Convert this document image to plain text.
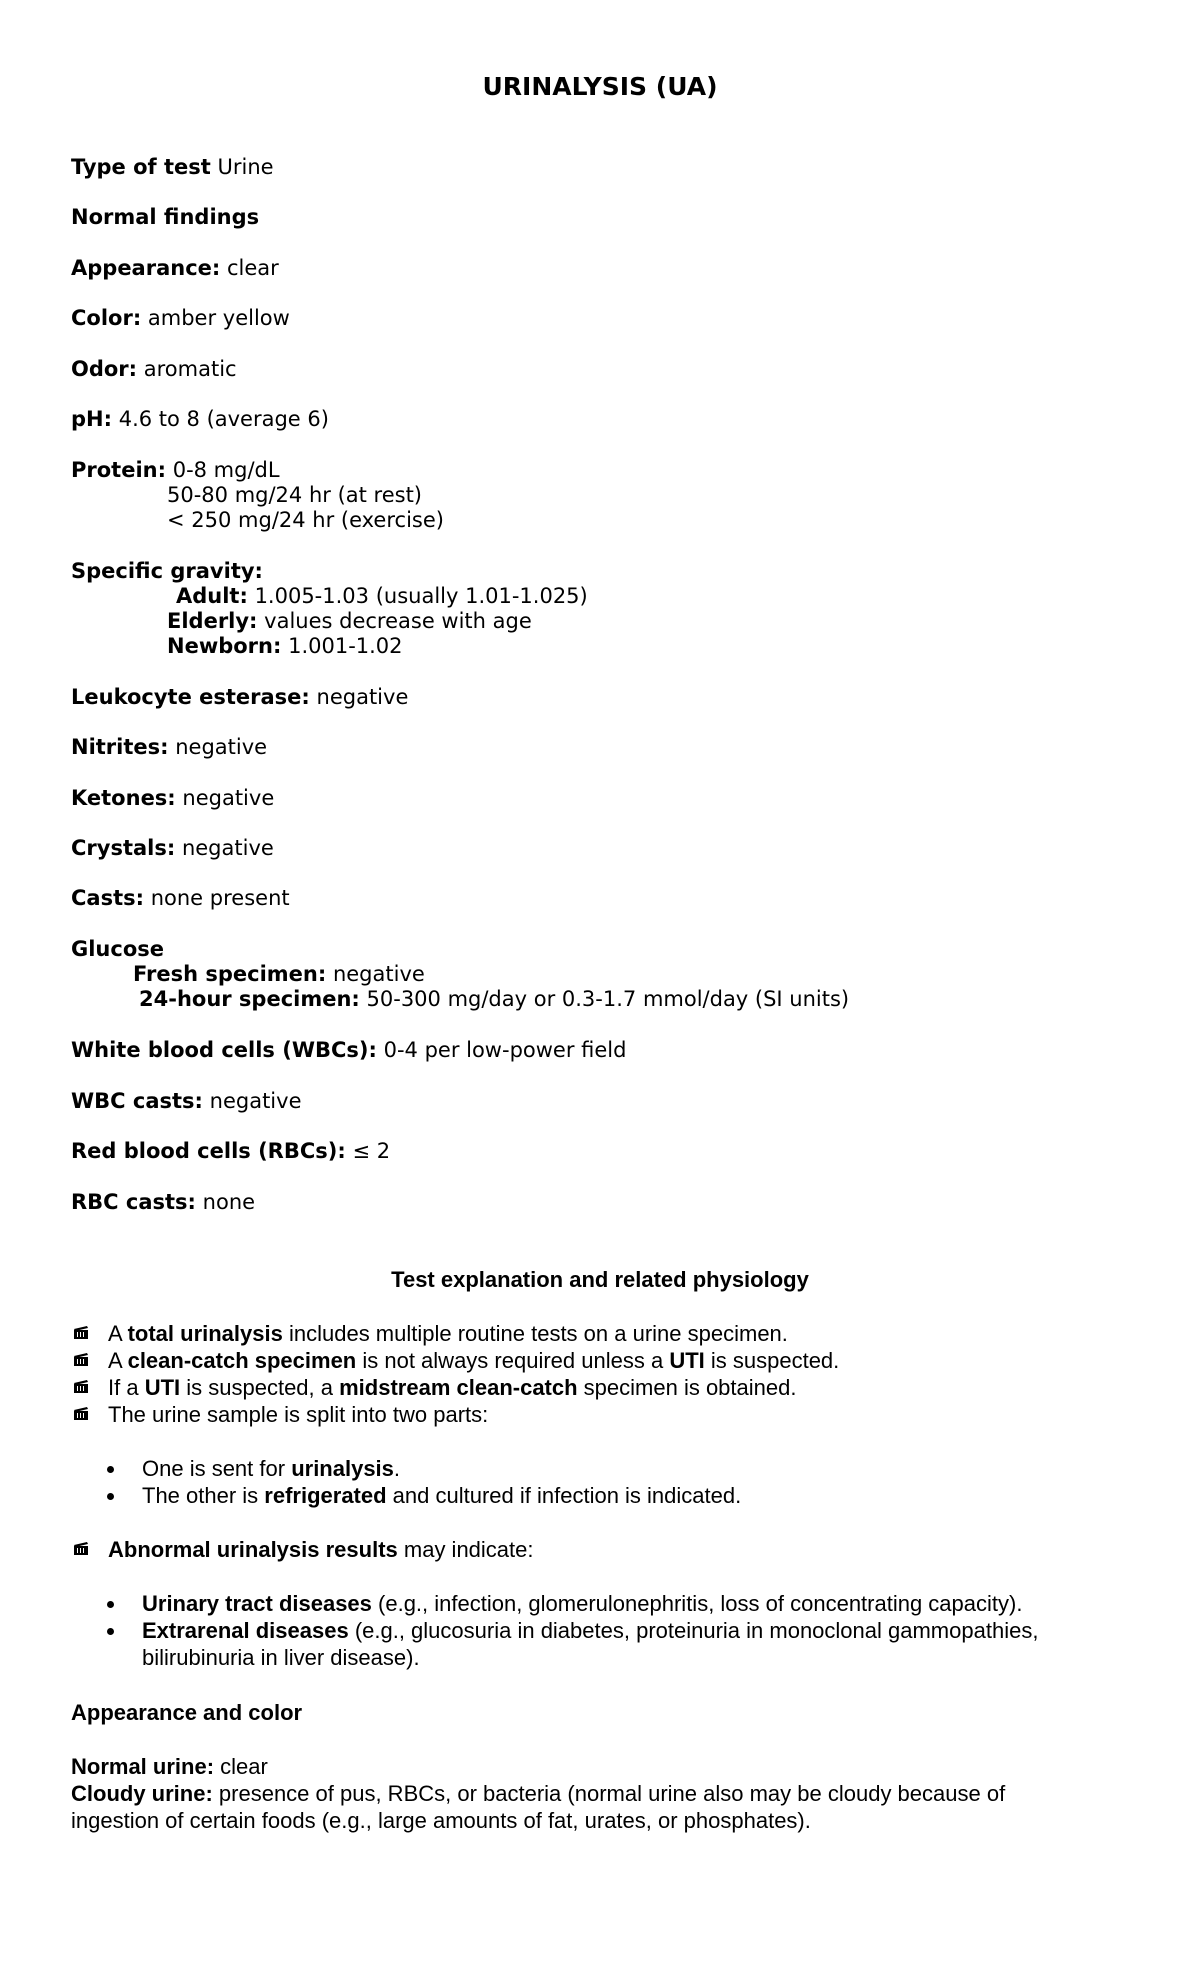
URINALYSIS (UA)
Type of test Urine
Normal findings
Appearance: clear
Color: amber yellow
Odor: aromatic
pH: 4.6 to 8 (average 6)
Protein: 0-8 mg/dL
50-80 mg/24 hr (at rest)
< 250 mg/24 hr (exercise)
Specific gravity:
Adult: 1.005-1.03 (usually 1.01-1.025)
Elderly: values decrease with age
Newborn: 1.001-1.02
Leukocyte esterase: negative
Nitrites: negative
Ketones: negative
Crystals: negative
Casts: none present
Glucose
Fresh specimen: negative
24-hour specimen: 50-300 mg/day or 0.3-1.7 mmol/day (SI units)
White blood cells (WBCs): 0-4 per low-power field
WBC casts: negative
Red blood cells (RBCs): ≤ 2
RBC casts: none
Test explanation and related physiology
A total urinalysis includes multiple routine tests on a urine specimen.
A clean-catch specimen is not always required unless a UTI is suspected.
If a UTI is suspected, a midstream clean-catch specimen is obtained.
The urine sample is split into two parts:
One is sent for urinalysis.
The other is refrigerated and cultured if infection is indicated.
Abnormal urinalysis results may indicate:
Urinary tract diseases (e.g., infection, glomerulonephritis, loss of concentrating capacity).
Extrarenal diseases (e.g., glucosuria in diabetes, proteinuria in monoclonal gammopathies,
bilirubinuria in liver disease).
Appearance and color
Normal urine: clear
Cloudy urine: presence of pus, RBCs, or bacteria (normal urine also may be cloudy because of
ingestion of certain foods (e.g., large amounts of fat, urates, or phosphates).
